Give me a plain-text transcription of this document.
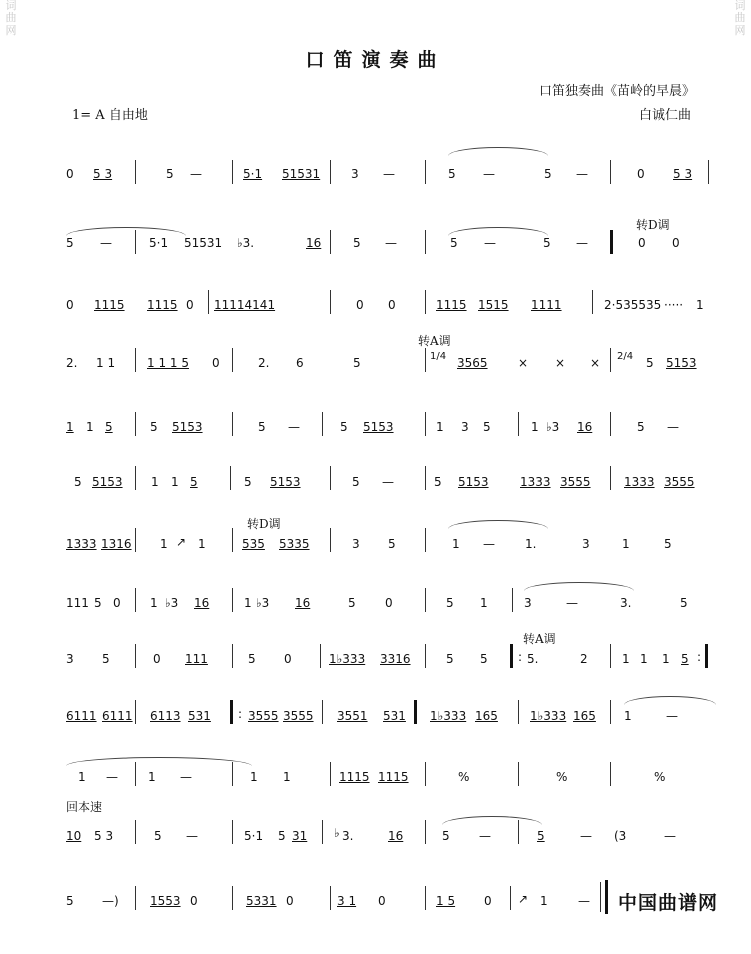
词
曲
网
词
曲
网
口笛演奏曲
口笛独奏曲《苗岭的早晨》
1= A 自由地	白诚仁曲
0 5 3	5 —	5·1 51531	3 —	5 —	5 —	0 5 3
5 —	5·1 51531 ♭3.	16	5 —	5 —	5 —
转D调
0 0
0 1115 1115 0 11114141	0 0	1115 1515 1111	2·535535 ····· 1
转A调
2. 1 1	1 1 1 5 0	2. 6	5	1/4 3565	× × × 2/4 5 5153
1 1 5	5 5153	5 —	5 5153	1 3 5	1 ♭3 16	5 —
5 5153 1 1 5	5 5153	5 —	5 5153	1333 3555	1333 3555
转D调
1333 1316 1 ↗ 1	535 5335	3 5	1 —	1.	3	1	5
111 5 0 1 ♭3 16	1 ♭3 16	5 0	5 1	3	—	3.	5
转A调
3 5	0 111	5 0	1♭333 3316	5 5	: 5.	2	1 1 1 5 :
6111 6111 6113 531 : 3555 3555 3551 531 1♭333 165	1♭333 165 1	—
1 —	1 —	1 1	1115 1115	%	%	%
回本速
10 5 3	5 —	5·1 5 31 ♭ 3.	16	5 —	5	— (3	—
5 —)	1553 0	5331 0	3 1 0	1 5 0 ↗ 1	— 中国曲谱网
